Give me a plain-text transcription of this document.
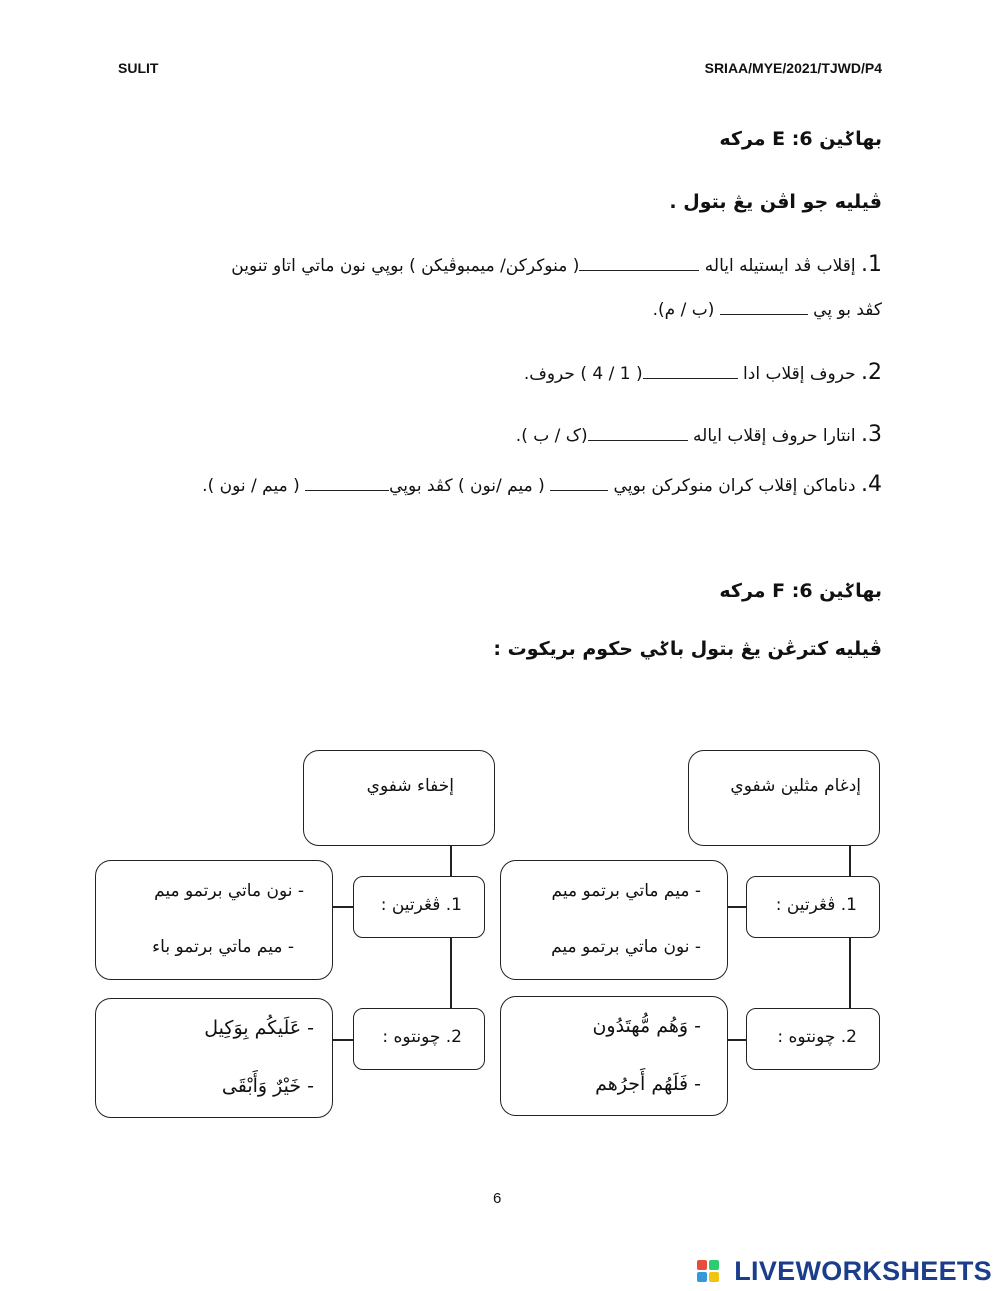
SULIT	SRIAA/MYE/2021/TJWD/P4
بهاݢين E :6 مرکه
ڤيليه جو اڤن يڠ بتول .
1. إقلاب ڤد ايستيله اياله ( منوکرکن/ ميمبوڤيکن ) بوڽي نون ماتي اتاو تنوين
کڤد بو ڽي  (ب / م).
2. حروف إقلاب ادا ( 1 / 4 ) حروف.
3. انتارا حروف إقلاب اياله (ک / ب ).
4. دناماکن إقلاب کران منوکرکن بوڽي  ( ميم /نون ) کڤد بوڽي ( ميم / نون ).
بهاݢين F :6 مرکه
ڤيليه کترڠن يڠ بتول باݢي حکوم بريکوت :
إخفاء شفوي
1. ڤڠرتين :
- نون ماتي برتمو ميم
- ميم ماتي برتمو باء
2. چونتوه :
- عَلَيكُم بِوَكِيل
- خَيْرٌ وَأَبْقَى
إدغام مثلين شفوي
1. ڤڠرتين :
- ميم ماتي برتمو ميم
- نون ماتي برتمو ميم
2. چونتوه :
- وَهُم مُّهتَدُون
- فَلَهُم أَجرُهم
6
LIVEWORKSHEETS
